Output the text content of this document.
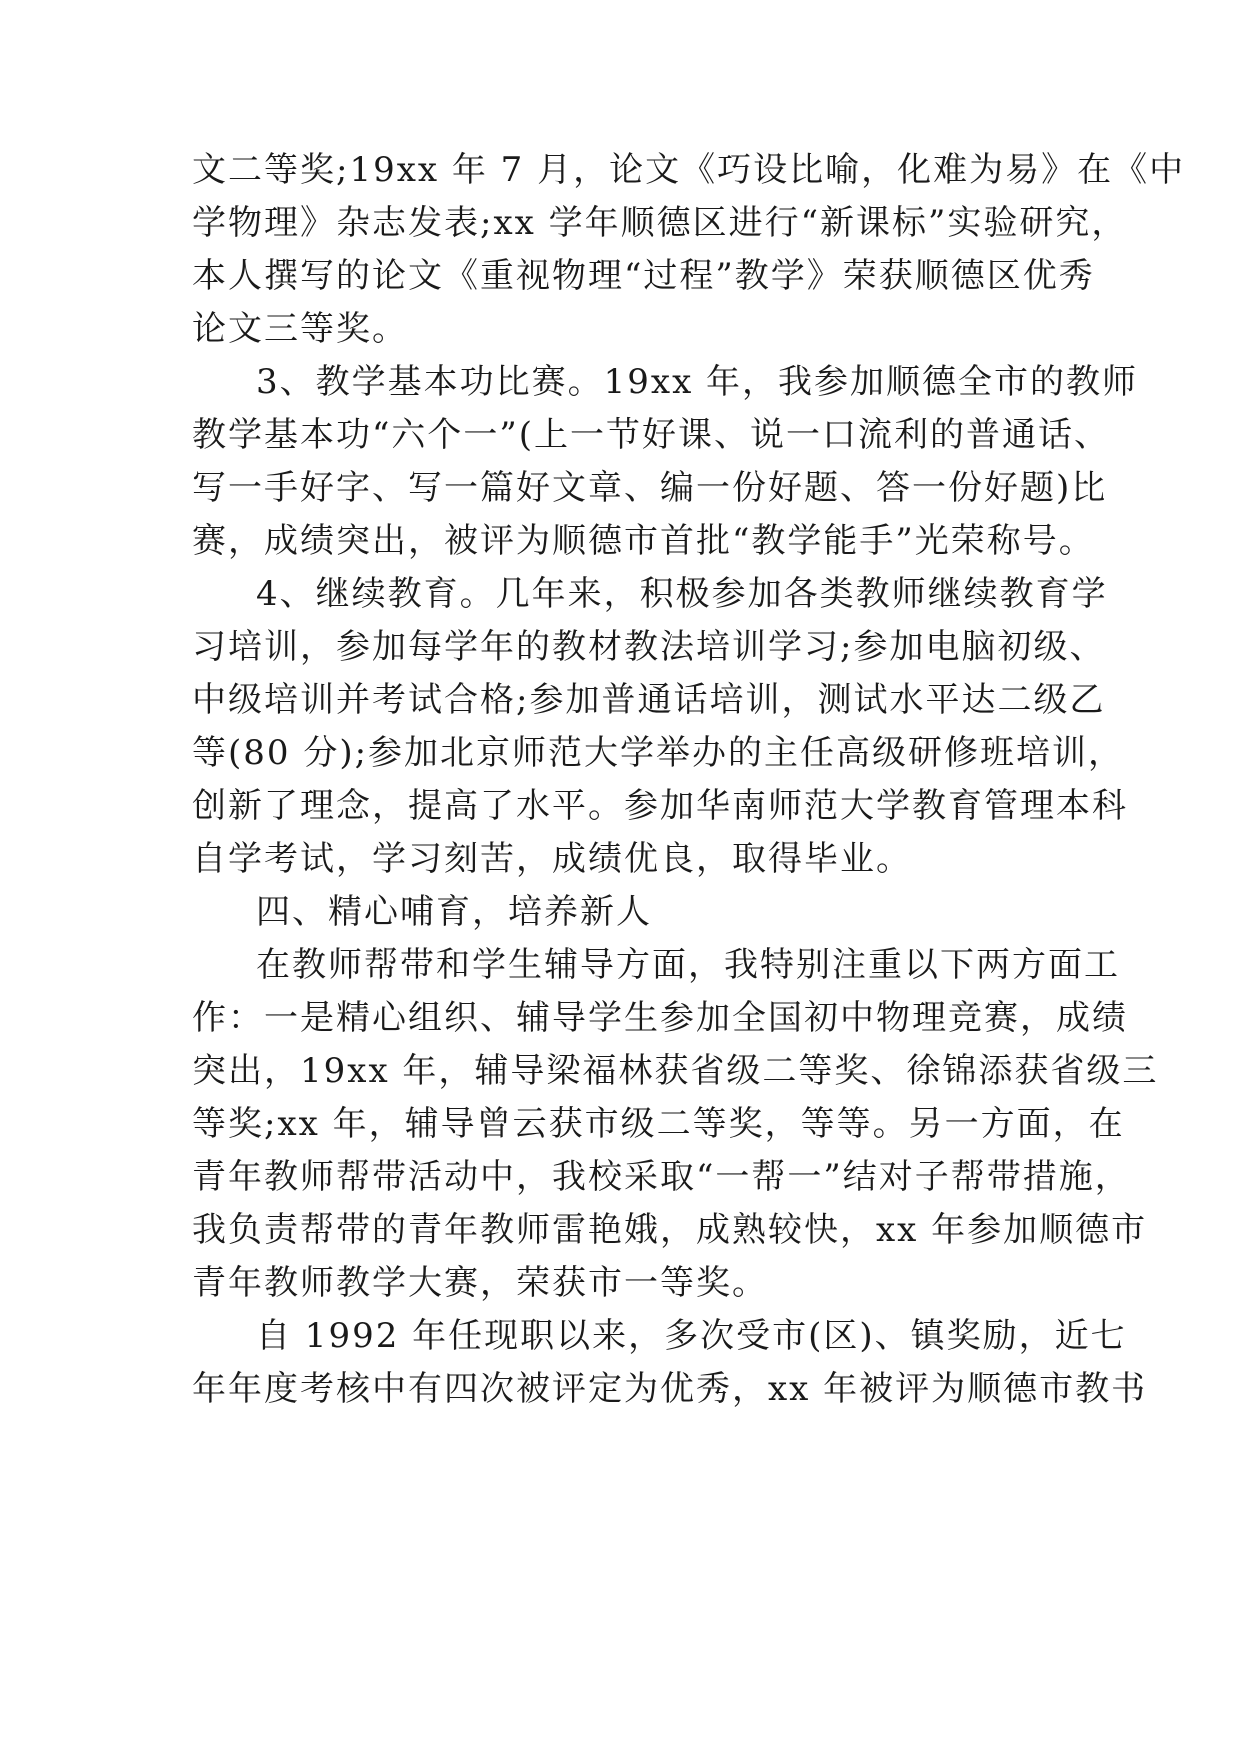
文二等奖;19xx 年 7 月，论文《巧设比喻，化难为易》在《中
学物理》杂志发表;xx 学年顺德区进行“新课标”实验研究，
本人撰写的论文《重视物理“过程”教学》荣获顺德区优秀
论文三等奖。
3、教学基本功比赛。19xx 年，我参加顺德全市的教师
教学基本功“六个一”(上一节好课、说一口流利的普通话、
写一手好字、写一篇好文章、编一份好题、答一份好题)比
赛，成绩突出，被评为顺德市首批“教学能手”光荣称号。
4、继续教育。几年来，积极参加各类教师继续教育学
习培训，参加每学年的教材教法培训学习;参加电脑初级、
中级培训并考试合格;参加普通话培训，测试水平达二级乙
等(80 分);参加北京师范大学举办的主任高级研修班培训，
创新了理念，提高了水平。参加华南师范大学教育管理本科
自学考试，学习刻苦，成绩优良，取得毕业。
四、精心哺育，培养新人
在教师帮带和学生辅导方面，我特别注重以下两方面工
作：一是精心组织、辅导学生参加全国初中物理竞赛，成绩
突出，19xx 年，辅导梁福林获省级二等奖、徐锦添获省级三
等奖;xx 年，辅导曾云获市级二等奖，等等。另一方面，在
青年教师帮带活动中，我校采取“一帮一”结对子帮带措施，
我负责帮带的青年教师雷艳娥，成熟较快，xx 年参加顺德市
青年教师教学大赛，荣获市一等奖。
自 1992 年任现职以来，多次受市(区)、镇奖励，近七
年年度考核中有四次被评定为优秀，xx 年被评为顺德市教书
